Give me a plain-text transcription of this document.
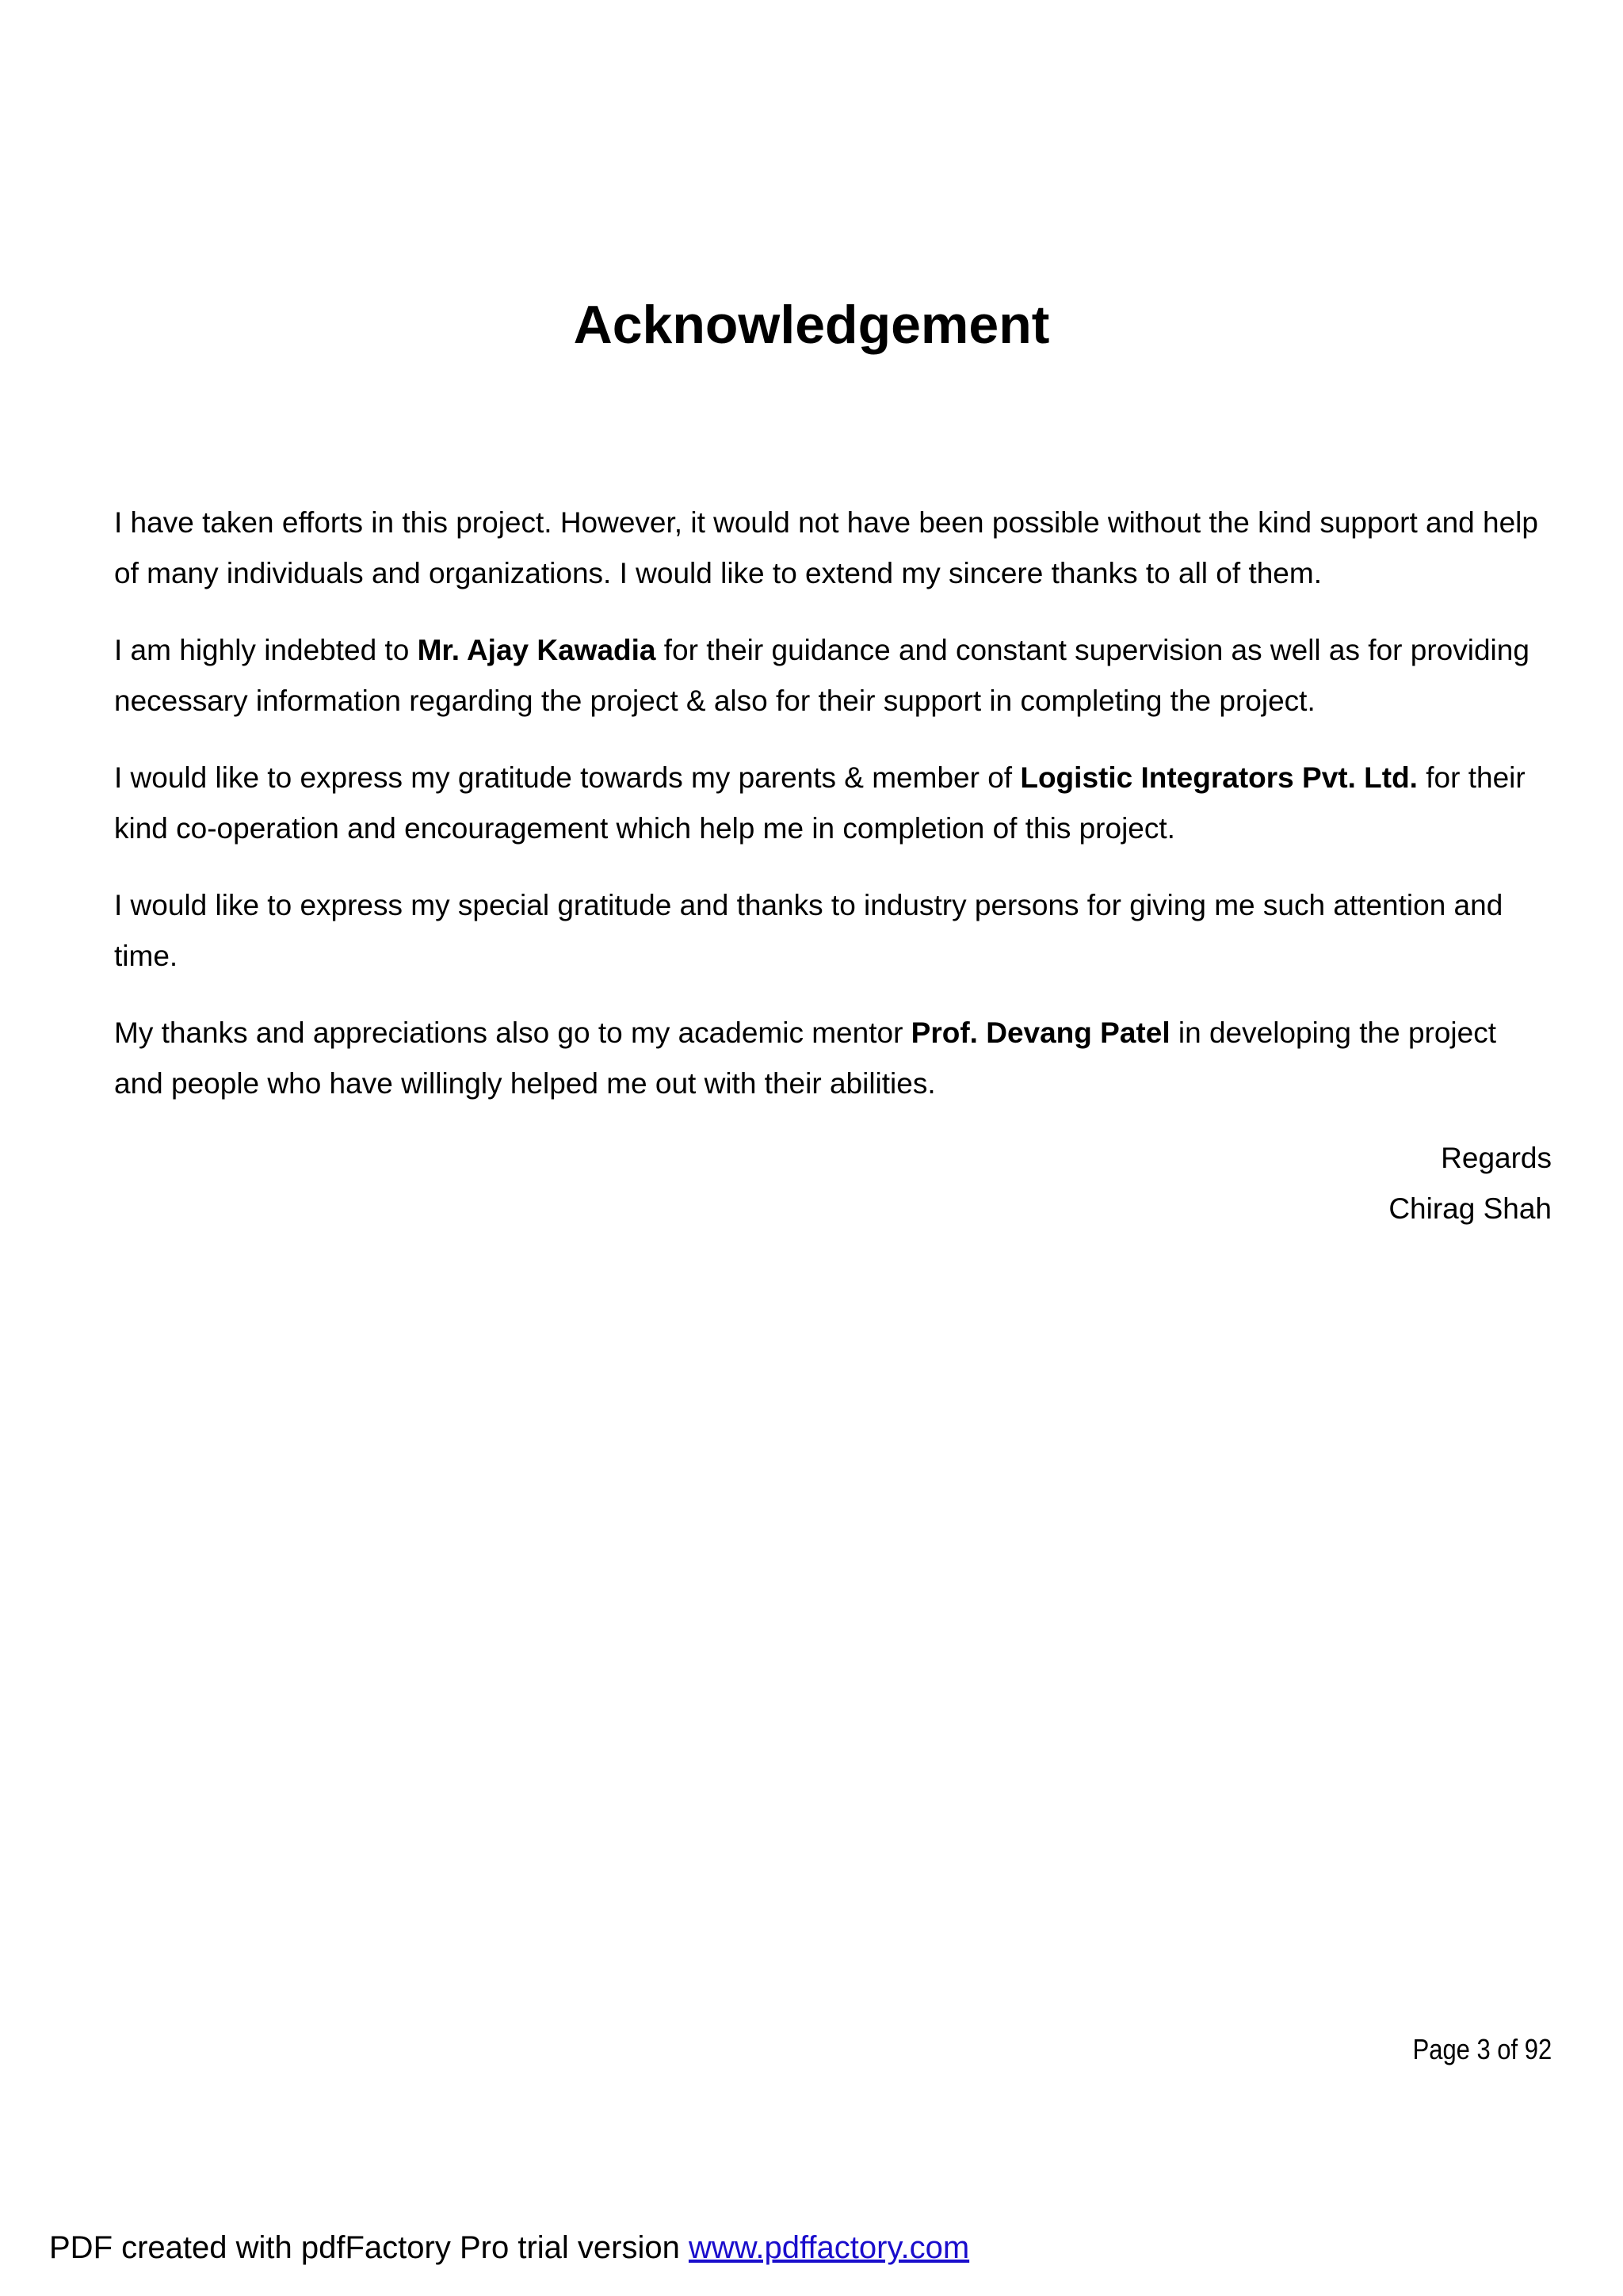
Acknowledgement

I have taken efforts in this project. However, it would not have been possible without the kind support and help of many individuals and organizations. I would like to extend my sincere thanks to all of them.

I am highly indebted to Mr. Ajay Kawadia for their guidance and constant supervision as well as for providing necessary information regarding the project & also for their support in completing the project.

I would like to express my gratitude towards my parents & member of Logistic Integrators Pvt. Ltd. for their kind co-operation and encouragement which help me in completion of this project.

I would like to express my special gratitude and thanks to industry persons for giving me such attention and time.

My thanks and appreciations also go to my academic mentor Prof. Devang Patel in developing the project and people who have willingly helped me out with their abilities.

Regards
Chirag Shah
Page 3 of 92
PDF created with pdfFactory Pro trial version www.pdffactory.com
